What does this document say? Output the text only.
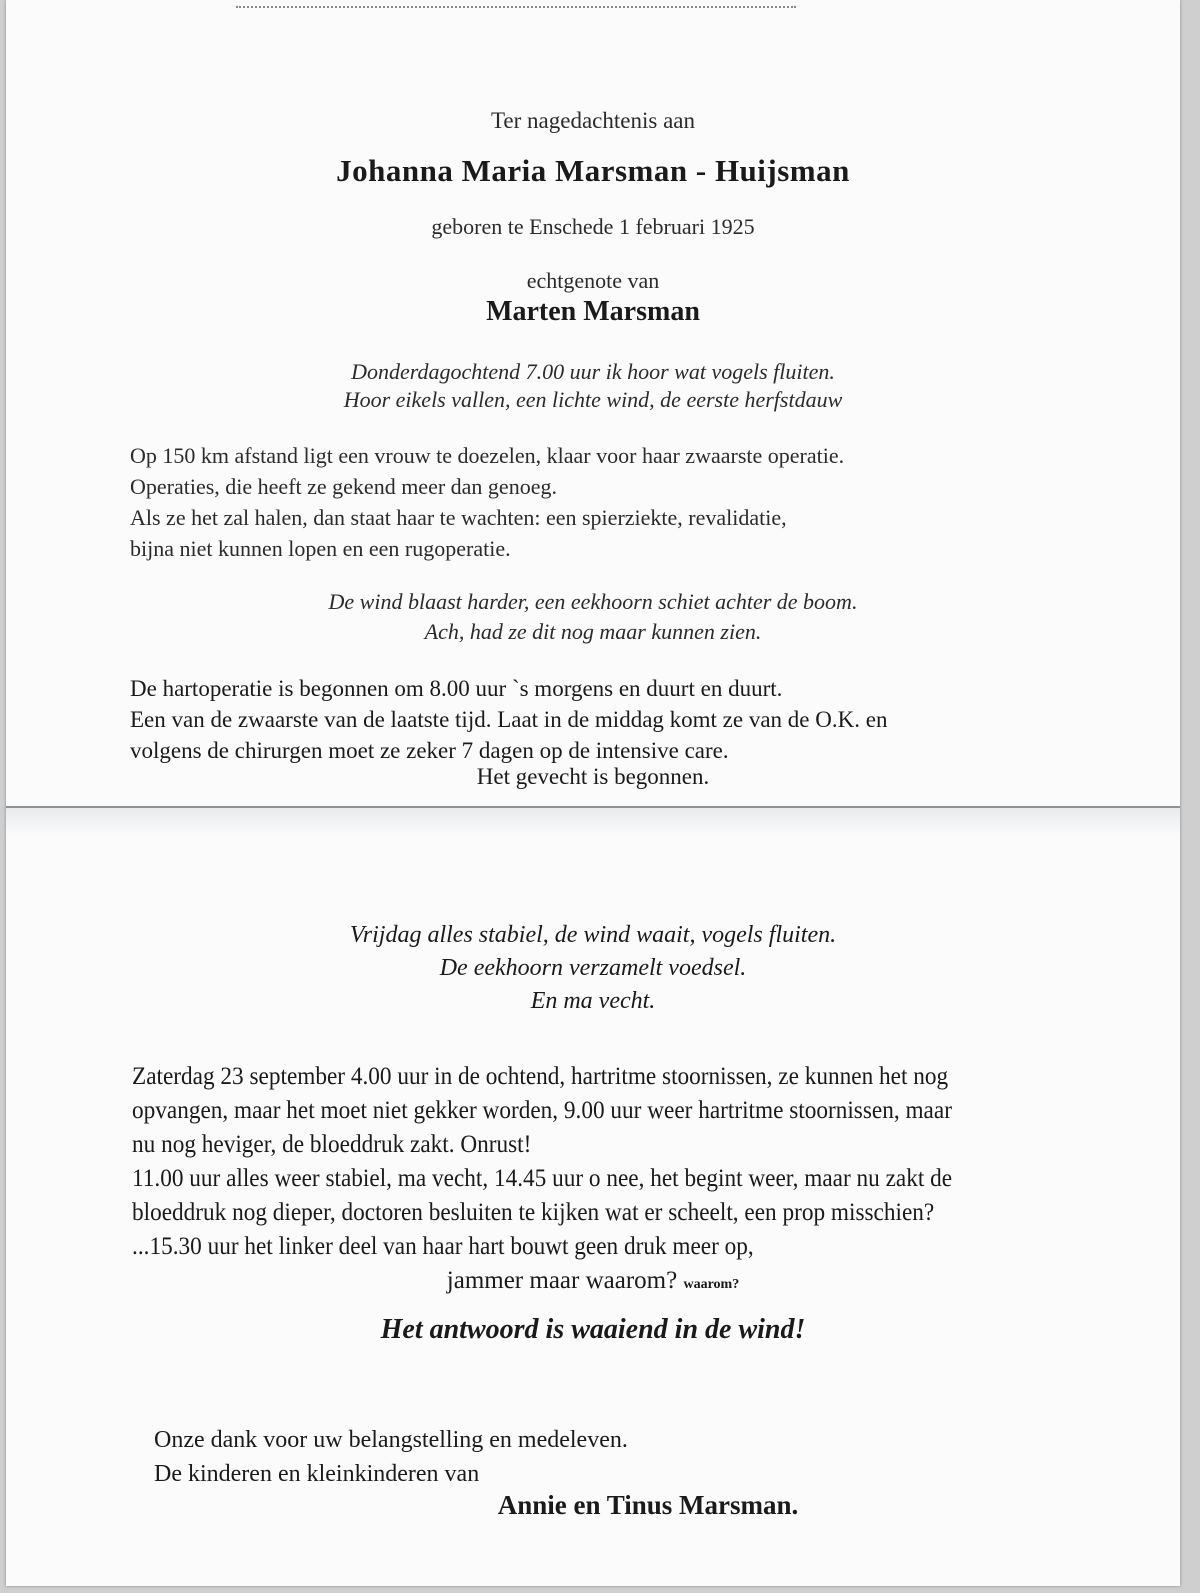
Ter nagedachtenis aan
Johanna Maria Marsman - Huijsman
geboren te Enschede 1 februari 1925
echtgenote van
Marten Marsman
Donderdagochtend 7.00 uur ik hoor wat vogels fluiten.
Hoor eikels vallen, een lichte wind, de eerste herfstdauw
Op 150 km afstand ligt een vrouw te doezelen, klaar voor haar zwaarste operatie.
Operaties, die heeft ze gekend meer dan genoeg.
Als ze het zal halen, dan staat haar te wachten: een spierziekte, revalidatie,
bijna niet kunnen lopen en een rugoperatie.
De wind blaast harder, een eekhoorn schiet achter de boom.
Ach, had ze dit nog maar kunnen zien.
De hartoperatie is begonnen om 8.00 uur `s morgens en duurt en duurt.
Een van de zwaarste van de laatste tijd. Laat in de middag komt ze van de O.K. en
volgens de chirurgen moet ze zeker 7 dagen op de intensive care.
Het gevecht is begonnen.
Vrijdag alles stabiel, de wind waait, vogels fluiten.
De eekhoorn verzamelt voedsel.
En ma vecht.
Zaterdag 23 september 4.00 uur in de ochtend, hartritme stoornissen, ze kunnen het nog
opvangen, maar het moet niet gekker worden, 9.00 uur weer hartritme stoornissen, maar
nu nog heviger, de bloeddruk zakt. Onrust!
11.00 uur alles weer stabiel, ma vecht, 14.45 uur o nee, het begint weer, maar nu zakt de
bloeddruk nog dieper, doctoren besluiten te kijken wat er scheelt, een prop misschien?
...15.30 uur het linker deel van haar hart bouwt geen druk meer op,
jammer maar waarom? waarom?
Het antwoord is waaiend in de wind!
Onze dank voor uw belangstelling en medeleven.
De kinderen en kleinkinderen van
Annie en Tinus Marsman.
